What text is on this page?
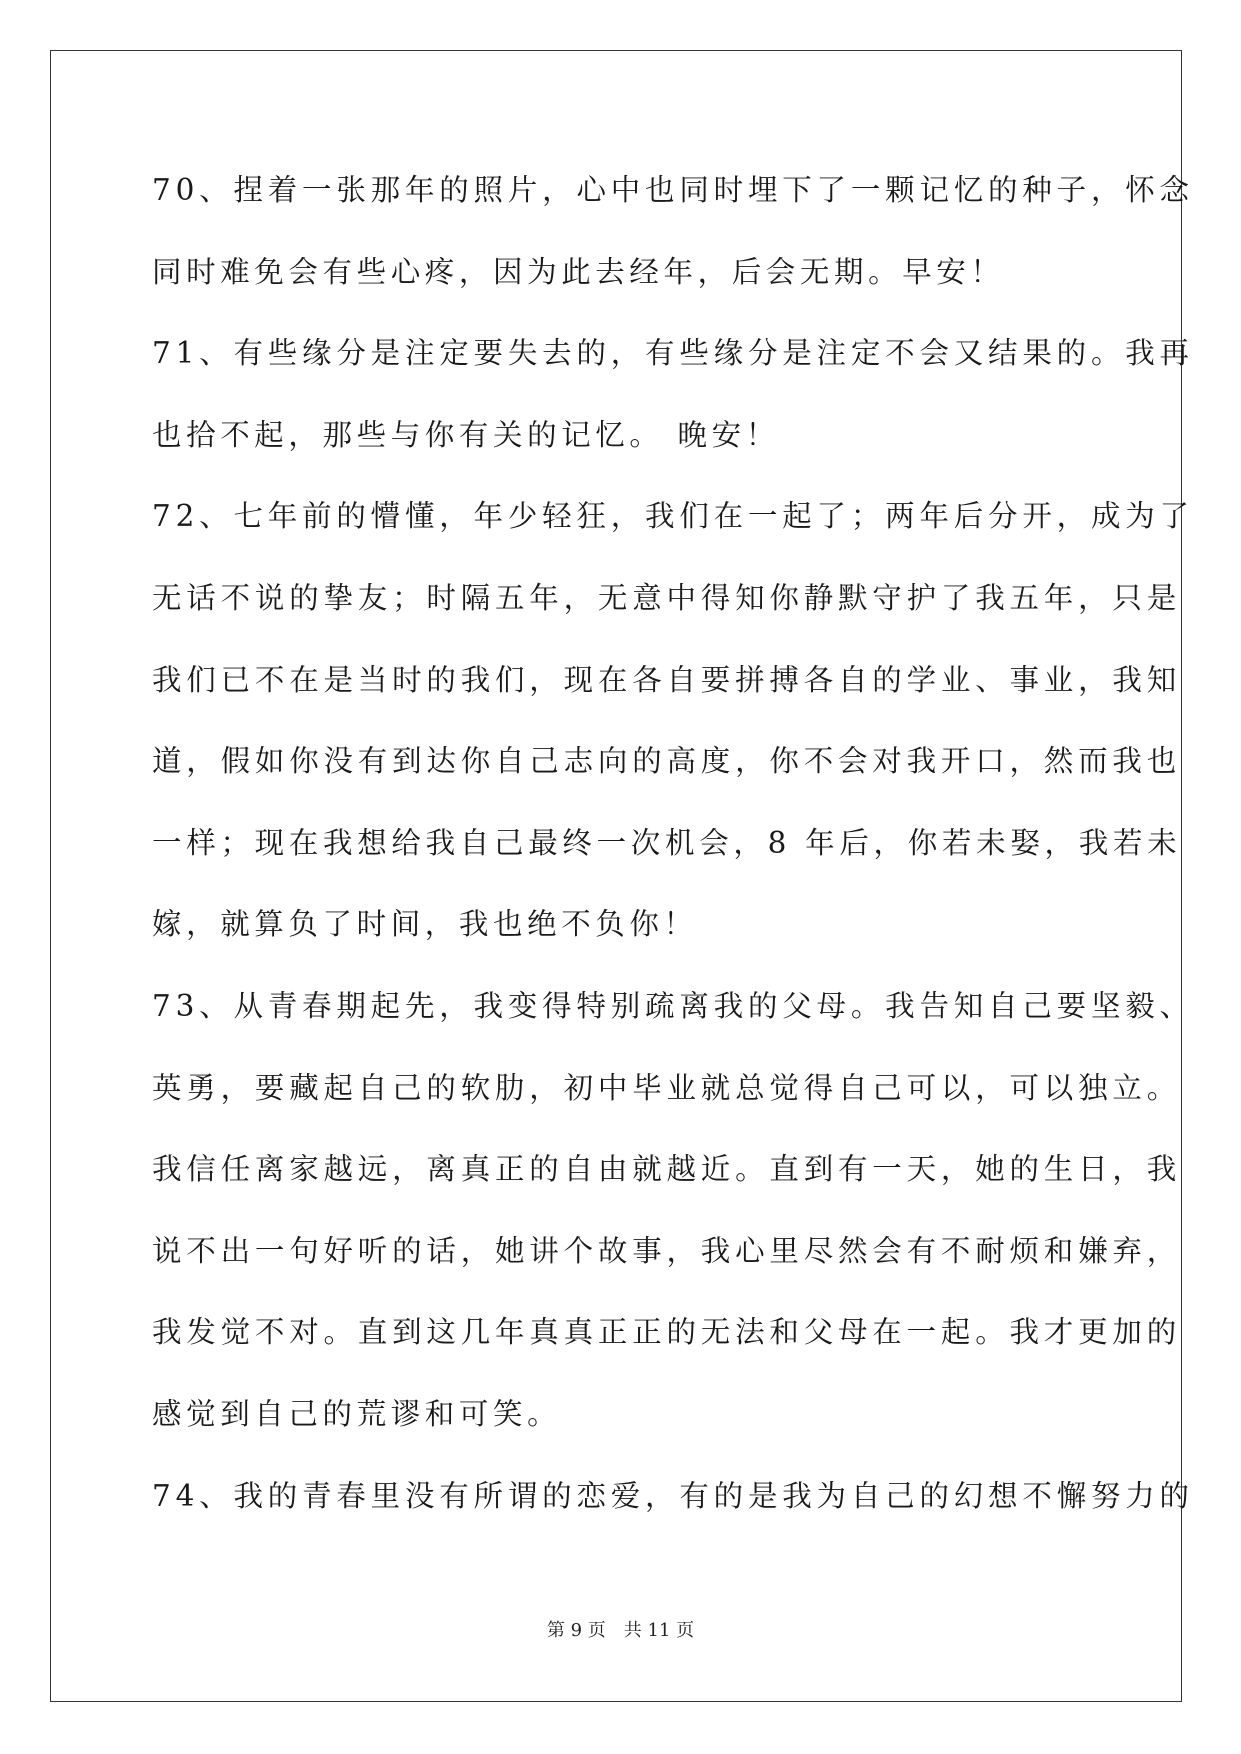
70、捏着一张那年的照片，心中也同时埋下了一颗记忆的种子，怀念
同时难免会有些心疼，因为此去经年，后会无期。早安！
71、有些缘分是注定要失去的，有些缘分是注定不会又结果的。我再
也拾不起，那些与你有关的记忆。 晚安！
72、七年前的懵懂，年少轻狂，我们在一起了；两年后分开，成为了
无话不说的挚友；时隔五年，无意中得知你静默守护了我五年，只是
我们已不在是当时的我们，现在各自要拼搏各自的学业、事业，我知
道，假如你没有到达你自己志向的高度，你不会对我开口，然而我也
一样；现在我想给我自己最终一次机会，8 年后，你若未娶，我若未
嫁，就算负了时间，我也绝不负你！
73、从青春期起先，我变得特别疏离我的父母。我告知自己要坚毅、
英勇，要藏起自己的软肋，初中毕业就总觉得自己可以，可以独立。
我信任离家越远，离真正的自由就越近。直到有一天，她的生日，我
说不出一句好听的话，她讲个故事，我心里尽然会有不耐烦和嫌弃，
我发觉不对。直到这几年真真正正的无法和父母在一起。我才更加的
感觉到自己的荒谬和可笑。
74、我的青春里没有所谓的恋爱，有的是我为自己的幻想不懈努力的
第 9 页 共 11 页
